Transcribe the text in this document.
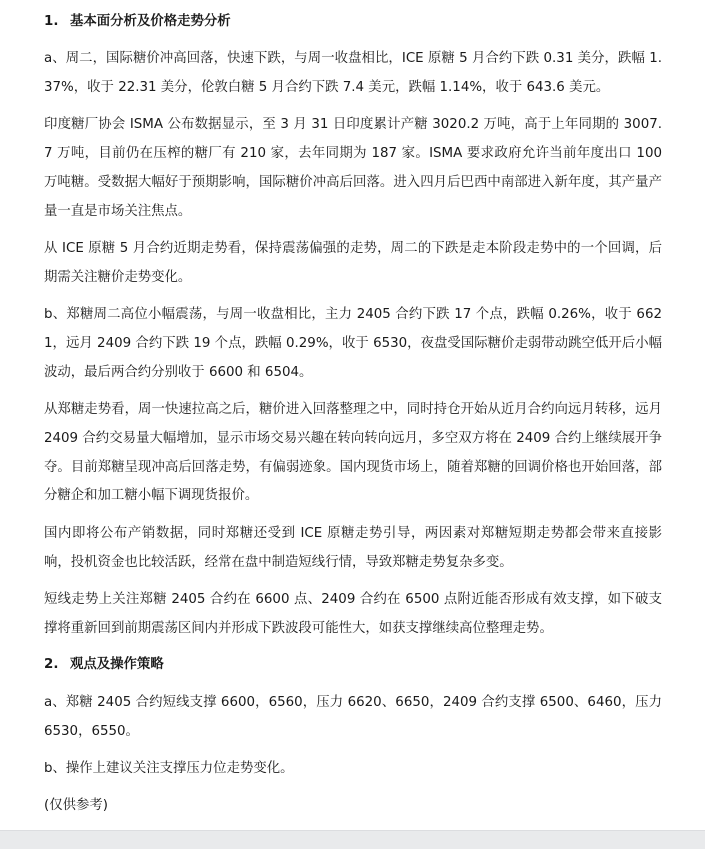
1. 基本面分析及价格走势分析

a、周二，国际糖价冲高回落，快速下跌，与周一收盘相比，ICE 原糖 5 月合约下跌 0.31 美分，跌幅 1.37%，收于 22.31 美分，伦敦白糖 5 月合约下跌 7.4 美元，跌幅 1.14%，收于 643.6 美元。

印度糖厂协会 ISMA 公布数据显示，至 3 月 31 日印度累计产糖 3020.2 万吨，高于上年同期的 3007.7 万吨，目前仍在压榨的糖厂有 210 家，去年同期为 187 家。ISMA 要求政府允许当前年度出口 100 万吨糖。受数据大幅好于预期影响，国际糖价冲高后回落。进入四月后巴西中南部进入新年度，其产量产量一直是市场关注焦点。

从 ICE 原糖 5 月合约近期走势看，保持震荡偏强的走势，周二的下跌是走本阶段走势中的一个回调，后期需关注糖价走势变化。

b、郑糖周二高位小幅震荡，与周一收盘相比，主力 2405 合约下跌 17 个点，跌幅 0.26%，收于 6621，远月 2409 合约下跌 19 个点，跌幅 0.29%，收于 6530，夜盘受国际糖价走弱带动跳空低开后小幅波动，最后两合约分别收于 6600 和 6504。

从郑糖走势看，周一快速拉高之后，糖价进入回落整理之中，同时持仓开始从近月合约向远月转移，远月 2409 合约交易量大幅增加，显示市场交易兴趣在转向转向远月，多空双方将在 2409 合约上继续展开争夺。目前郑糖呈现冲高后回落走势，有偏弱迹象。国内现货市场上，随着郑糖的回调价格也开始回落，部分糖企和加工糖小幅下调现货报价。

国内即将公布产销数据，同时郑糖还受到 ICE 原糖走势引导，两因素对郑糖短期走势都会带来直接影响，投机资金也比较活跃，经常在盘中制造短线行情，导致郑糖走势复杂多变。

短线走势上关注郑糖 2405 合约在 6600 点、2409 合约在 6500 点附近能否形成有效支撑，如下破支撑将重新回到前期震荡区间内并形成下跌波段可能性大，如获支撑继续高位整理走势。

2. 观点及操作策略

a、郑糖 2405 合约短线支撑 6600，6560，压力 6620、6650，2409 合约支撑 6500、6460，压力 6530，6550。

b、操作上建议关注支撑压力位走势变化。

(仅供参考)
